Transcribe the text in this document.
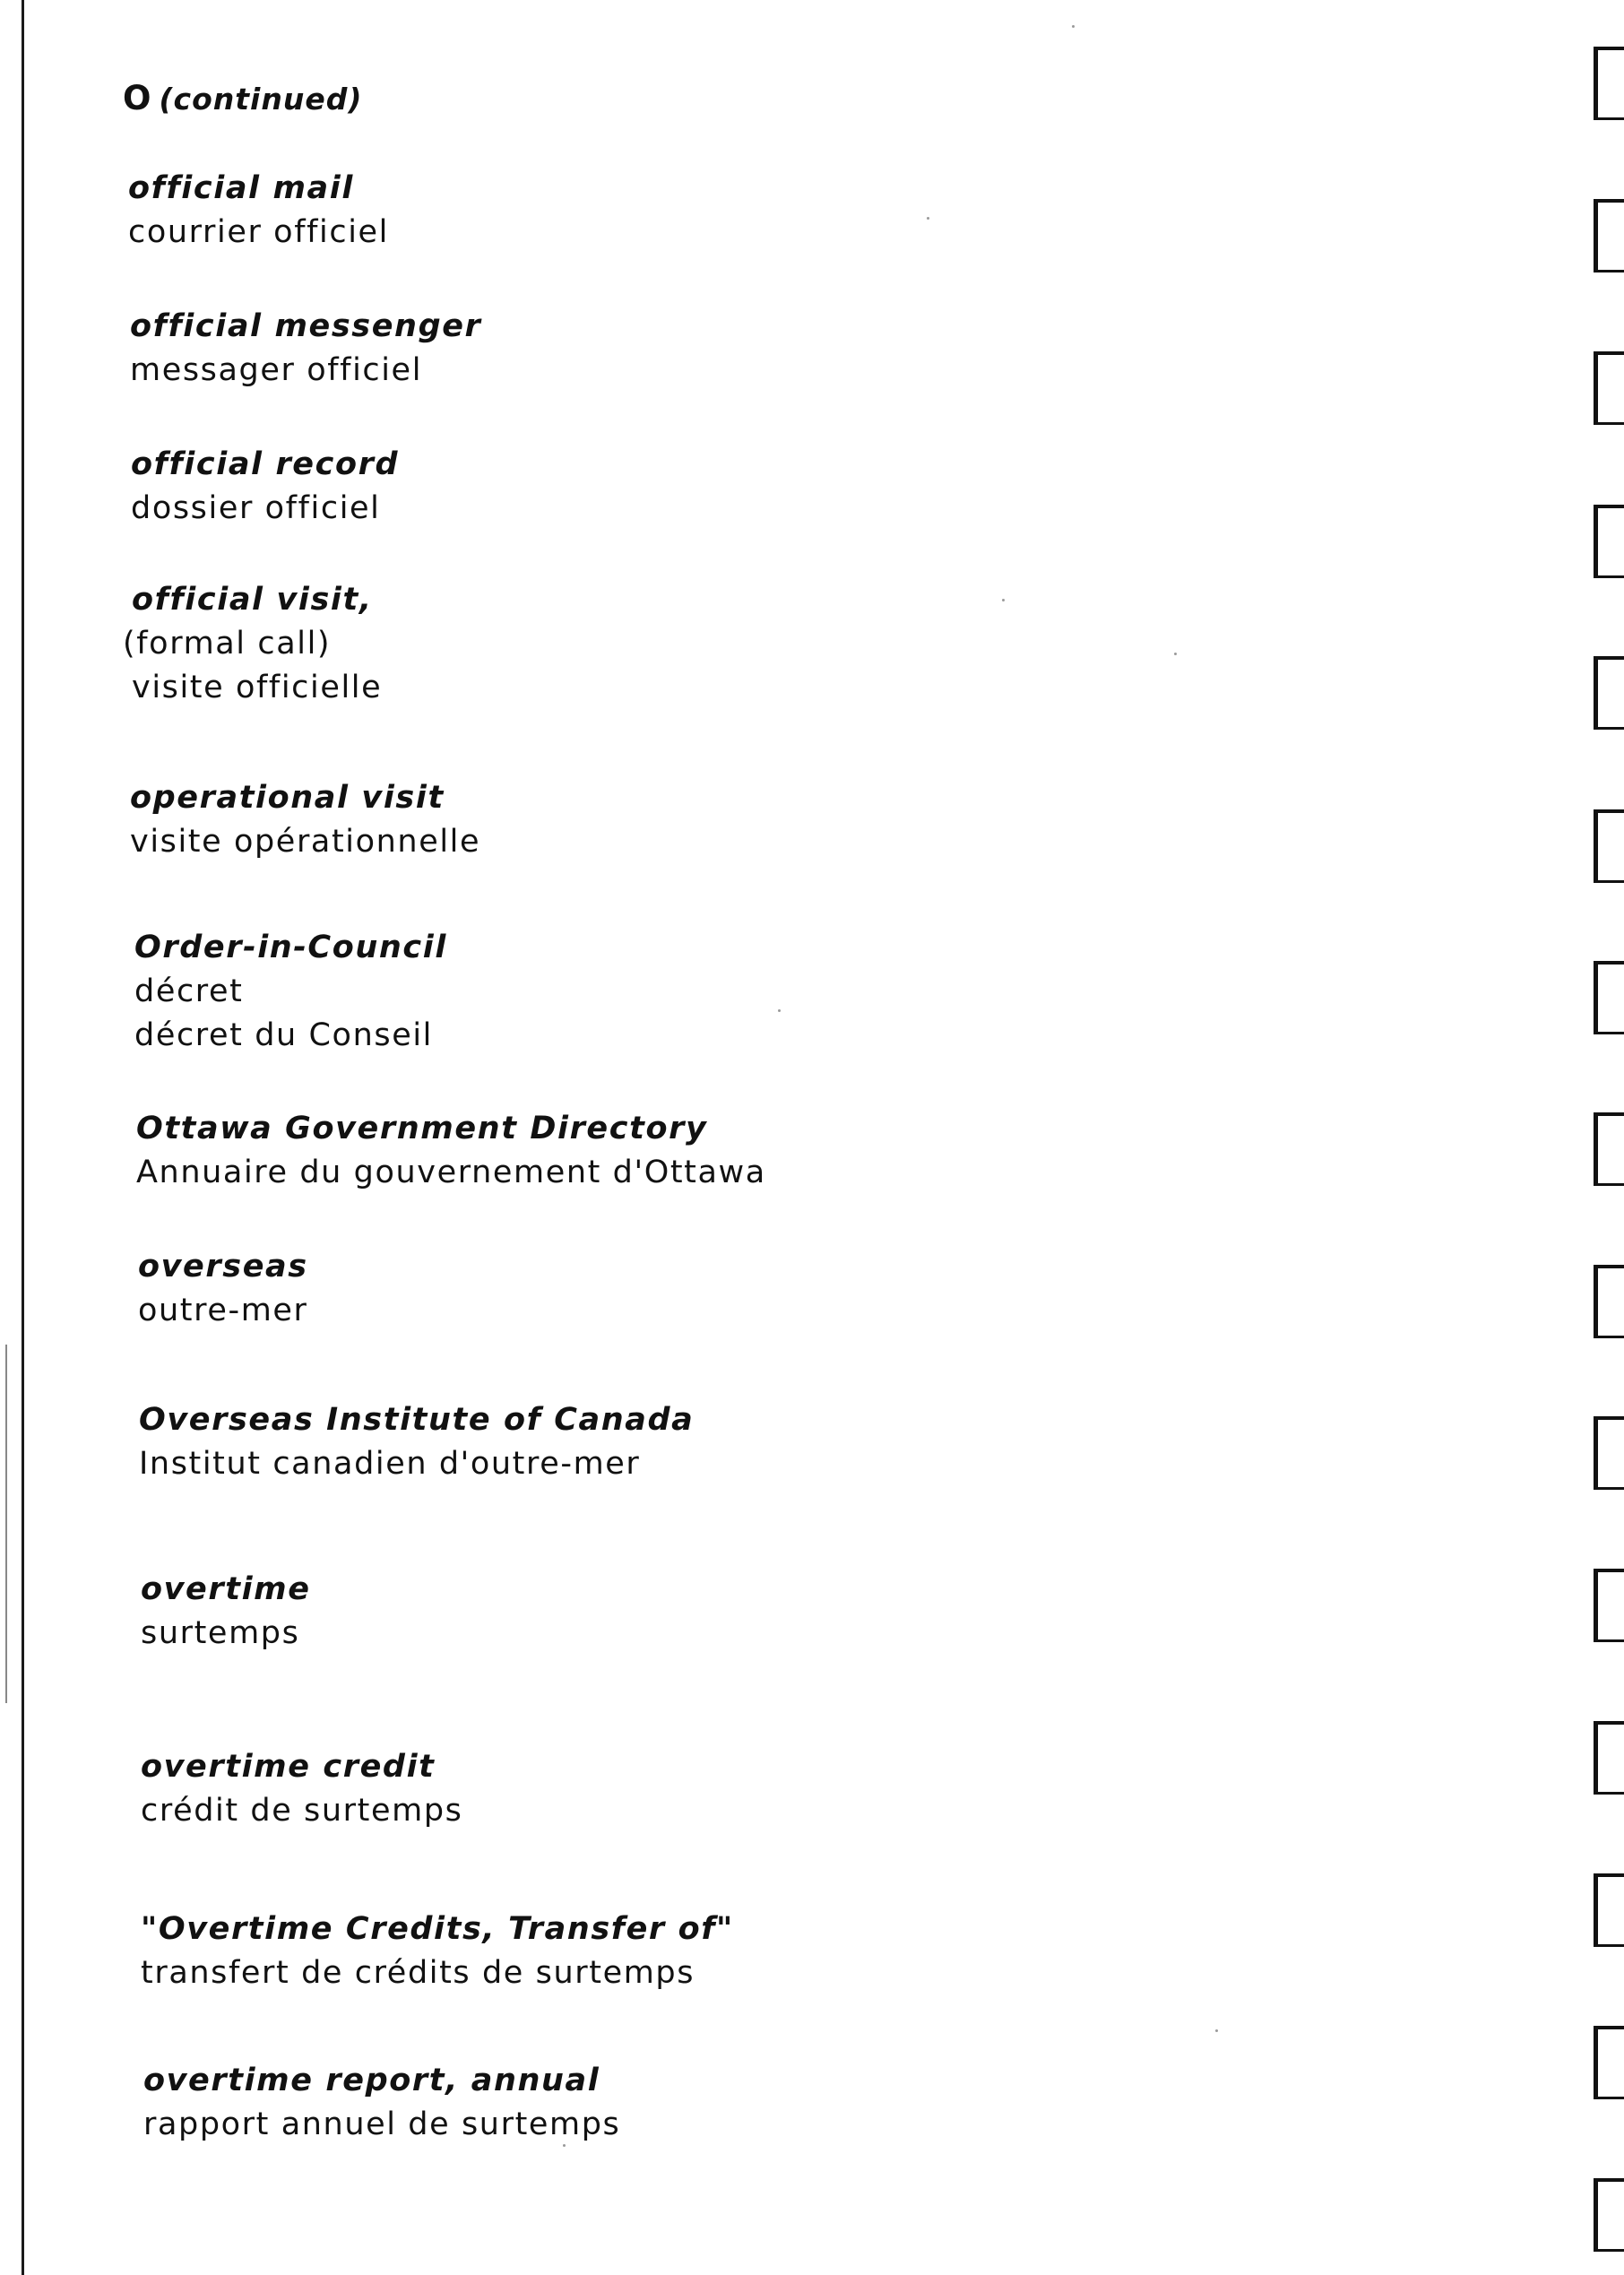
O (continued)
official mail
courrier officiel
official messenger
messager officiel
official record
dossier officiel
official visit,
(formal call)
visite officielle
operational visit
visite opérationnelle
Order-in-Council
décret
décret du Conseil
Ottawa Government Directory
Annuaire du gouvernement d'Ottawa
overseas
outre-mer
Overseas Institute of Canada
Institut canadien d'outre-mer
overtime
surtemps
overtime credit
crédit de surtemps
"Overtime Credits, Transfer of"
transfert de crédits de surtemps
overtime report, annual
rapport annuel de surtemps
